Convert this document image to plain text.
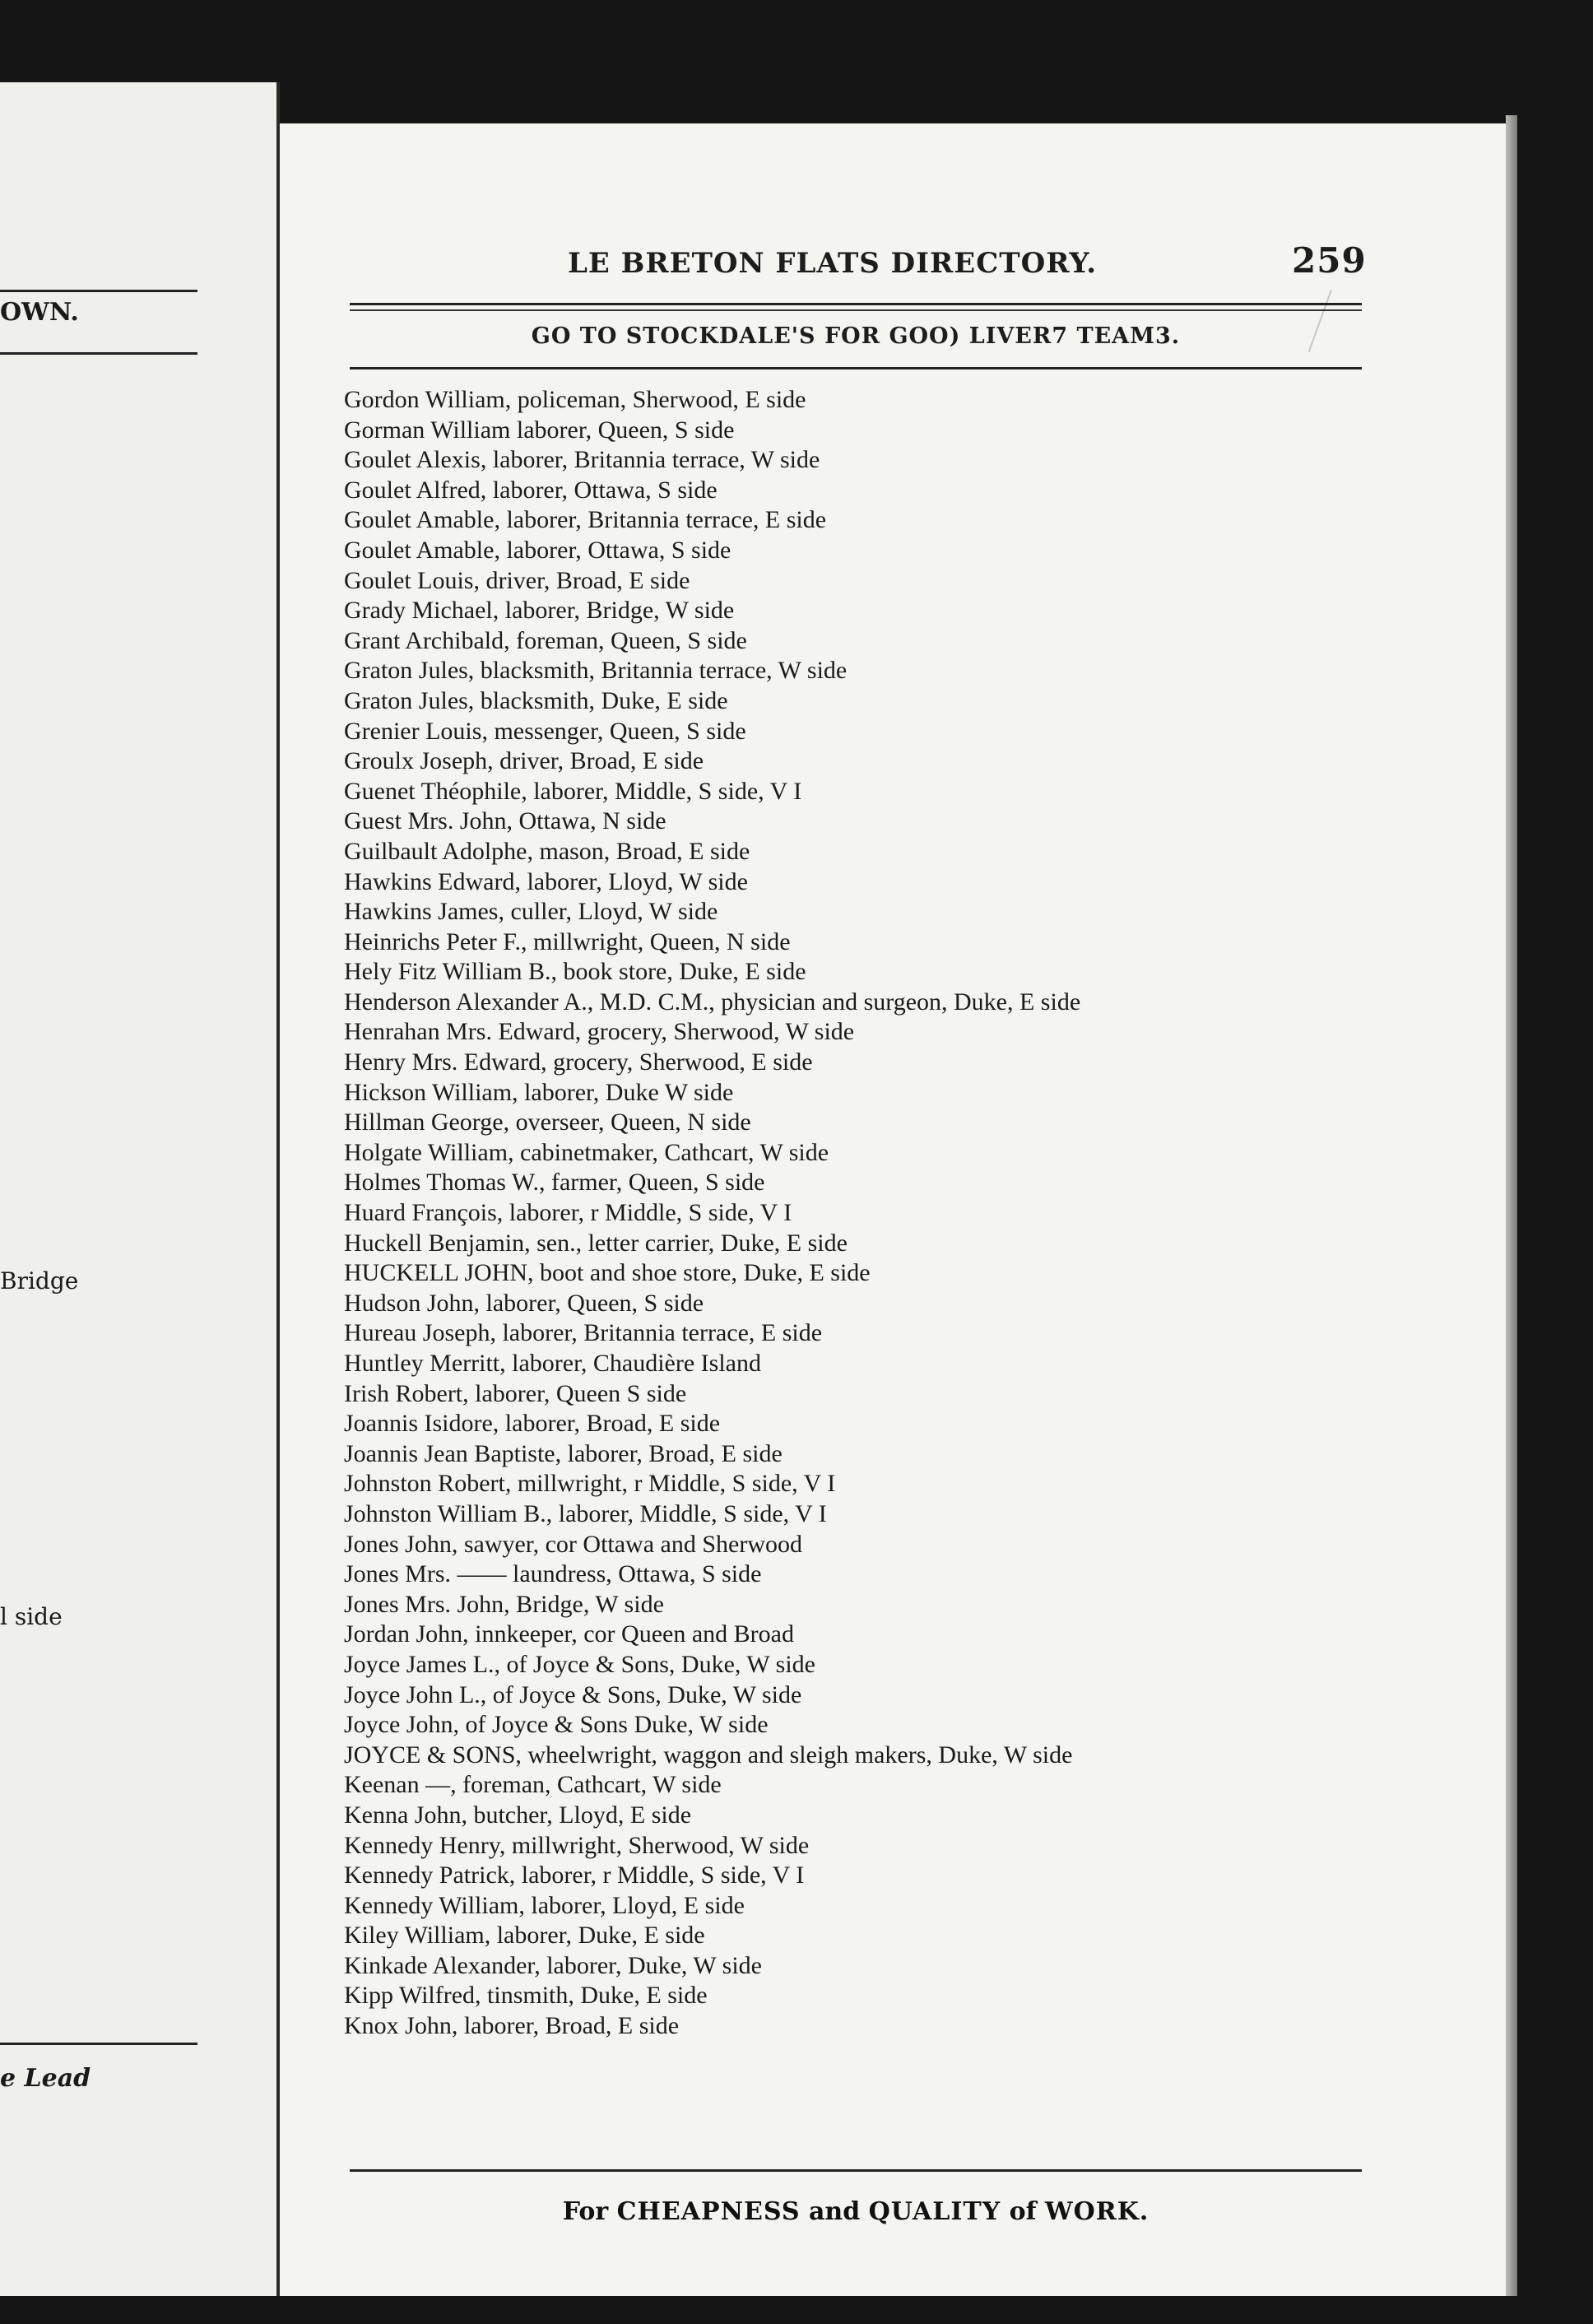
OWN.
Bridge
l side
e Lead
LE BRETON FLATS DIRECTORY.	259
GO TO STOCKDALE'S FOR GOO) LIVER7 TEAM3.
Gordon William, policeman, Sherwood, E side
Gorman William laborer, Queen, S side
Goulet Alexis, laborer, Britannia terrace, W side
Goulet Alfred, laborer, Ottawa, S side
Goulet Amable, laborer, Britannia terrace, E side
Goulet Amable, laborer, Ottawa, S side
Goulet Louis, driver, Broad, E side
Grady Michael, laborer, Bridge, W side
Grant Archibald, foreman, Queen, S side
Graton Jules, blacksmith, Britannia terrace, W side
Graton Jules, blacksmith, Duke, E side
Grenier Louis, messenger, Queen, S side
Groulx Joseph, driver, Broad, E side
Guenet Théophile, laborer, Middle, S side, V I
Guest Mrs. John, Ottawa, N side
Guilbault Adolphe, mason, Broad, E side
Hawkins Edward, laborer, Lloyd, W side
Hawkins James, culler, Lloyd, W side
Heinrichs Peter F., millwright, Queen, N side
Hely Fitz William B., book store, Duke, E side
Henderson Alexander A., M.D. C.M., physician and surgeon, Duke, E side
Henrahan Mrs. Edward, grocery, Sherwood, W side
Henry Mrs. Edward, grocery, Sherwood, E side
Hickson William, laborer, Duke W side
Hillman George, overseer, Queen, N side
Holgate William, cabinetmaker, Cathcart, W side
Holmes Thomas W., farmer, Queen, S side
Huard François, laborer, r Middle, S side, V I
Huckell Benjamin, sen., letter carrier, Duke, E side
HUCKELL JOHN, boot and shoe store, Duke, E side
Hudson John, laborer, Queen, S side
Hureau Joseph, laborer, Britannia terrace, E side
Huntley Merritt, laborer, Chaudière Island
Irish Robert, laborer, Queen S side
Joannis Isidore, laborer, Broad, E side
Joannis Jean Baptiste, laborer, Broad, E side
Johnston Robert, millwright, r Middle, S side, V I
Johnston William B., laborer, Middle, S side, V I
Jones John, sawyer, cor Ottawa and Sherwood
Jones Mrs. —— laundress, Ottawa, S side
Jones Mrs. John, Bridge, W side
Jordan John, innkeeper, cor Queen and Broad
Joyce James L., of Joyce & Sons, Duke, W side
Joyce John L., of Joyce & Sons, Duke, W side
Joyce John, of Joyce & Sons Duke, W side
JOYCE & SONS, wheelwright, waggon and sleigh makers, Duke, W side
Keenan —, foreman, Cathcart, W side
Kenna John, butcher, Lloyd, E side
Kennedy Henry, millwright, Sherwood, W side
Kennedy Patrick, laborer, r Middle, S side, V I
Kennedy William, laborer, Lloyd, E side
Kiley William, laborer, Duke, E side
Kinkade Alexander, laborer, Duke, W side
Kipp Wilfred, tinsmith, Duke, E side
Knox John, laborer, Broad, E side
For CHEAPNESS and QUALITY of WORK.
